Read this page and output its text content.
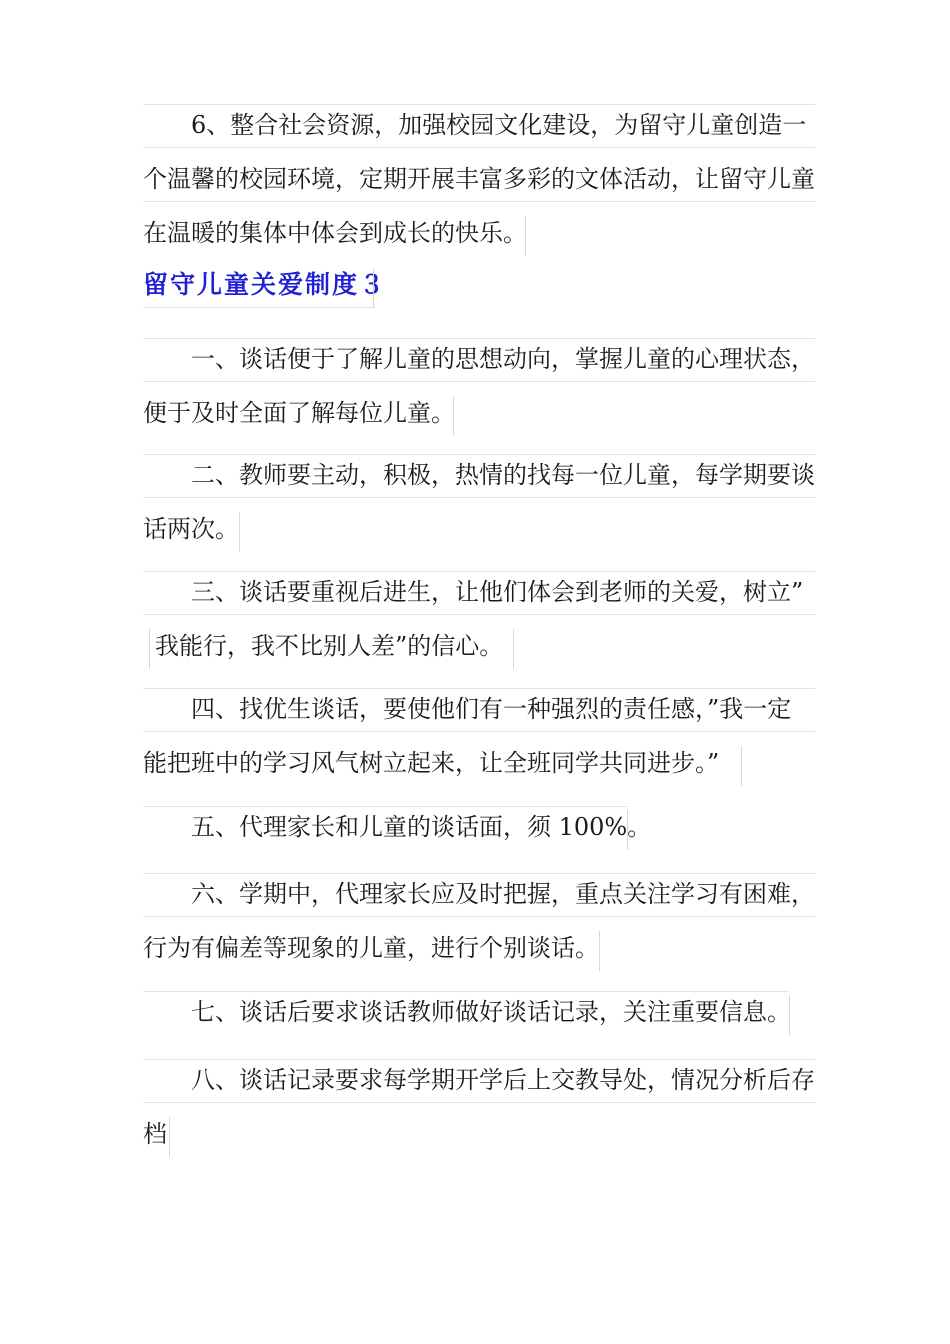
6、整合社会资源，加强校园文化建设，为留守儿童创造一
个温馨的校园环境，定期开展丰富多彩的文体活动，让留守儿童
在温暖的集体中体会到成长的快乐。
留守儿童关爱制度３
一、谈话便于了解儿童的思想动向，掌握儿童的心理状态，
便于及时全面了解每位儿童。
二、教师要主动，积极，热情的找每一位儿童，每学期要谈
话两次。
三、谈话要重视后进生，让他们体会到老师的关爱，树立”
我能行，我不比别人差”的信心。
四、找优生谈话，要使他们有一种强烈的责任感，”我一定
能把班中的学习风气树立起来，让全班同学共同进步。”
五、代理家长和儿童的谈话面，须 100%。
六、学期中，代理家长应及时把握，重点关注学习有困难，
行为有偏差等现象的儿童，进行个别谈话。
七、谈话后要求谈话教师做好谈话记录，关注重要信息。
八、谈话记录要求每学期开学后上交教导处，情况分析后存
档
